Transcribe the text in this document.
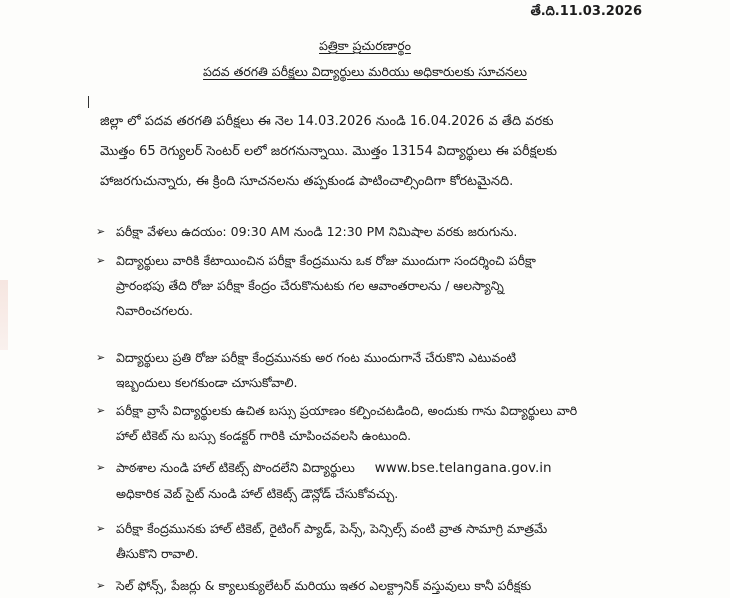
తే.ది.11.03.2026
పత్రికా ప్రచురణార్థం
పదవ తరగతి పరీక్షలు విద్యార్థులు మరియు అధికారులకు సూచనలు
జిల్లా లో పదవ తరగతి పరీక్షలు ఈ నెల 14.03.2026 నుండి 16.04.2026 వ తేది వరకు
మొత్తం 65 రెగ్యులర్ సెంటర్ లలో జరగనున్నాయి. మొత్తం 13154 విద్యార్థులు ఈ పరీక్షలకు
హాజరగుచున్నారు, ఈ క్రింది సూచనలను తప్పకుండ పాటించాల్సిందిగా కోరటమైనది.
➢ పరీక్షా వేళలు ఉదయం: 09:30 AM నుండి 12:30 PM నిమిషాల వరకు జరుగును.
➢ విద్యార్థులు వారికి కేటాయించిన పరీక్షా కేంద్రమును ఒక రోజు ముందుగా సందర్శించి పరీక్షా
ప్రారంభపు తేది రోజు పరీక్షా కేంద్రం చేరుకొనుటకు గల ఆవాంతరాలను / ఆలస్యాన్ని
నివారించగలరు.
➢ విద్యార్థులు ప్రతి రోజు పరీక్షా కేంద్రమునకు అర గంట ముందుగానే చేరుకొని ఎటువంటి
ఇబ్బందులు కలగకుండా చూసుకోవాలి.
➢ పరీక్షా వ్రాసే విద్యార్థులకు ఉచిత బస్సు ప్రయాణం కల్పించటడింది, అందుకు గాను విద్యార్థులు వారి
హాల్ టికెట్ ను బస్సు కండక్టర్ గారికి చూపించవలసి ఉంటుంది.
➢ పాఠశాల నుండి హాల్ టికెట్స్ పొందలేని విద్యార్థులు www.bse.telangana.gov.in
అధికారిక వెబ్ సైట్ నుండి హాల్ టికెట్స్ డౌన్లోడ్ చేసుకోవచ్చు.
➢ పరీక్షా కేంద్రమునకు హాల్ టికెట్, రైటింగ్ ప్యాడ్, పెన్స్, పెన్సిల్స్ వంటి వ్రాత సామాగ్రి మాత్రమే
తీసుకొని రావాలి.
➢ సెల్ ఫోన్స్, పేజర్లు & క్యాలుక్యులేటర్ మరియు ఇతర ఎలక్ట్రానిక్ వస్తువులు కానీ పరీక్షకు
